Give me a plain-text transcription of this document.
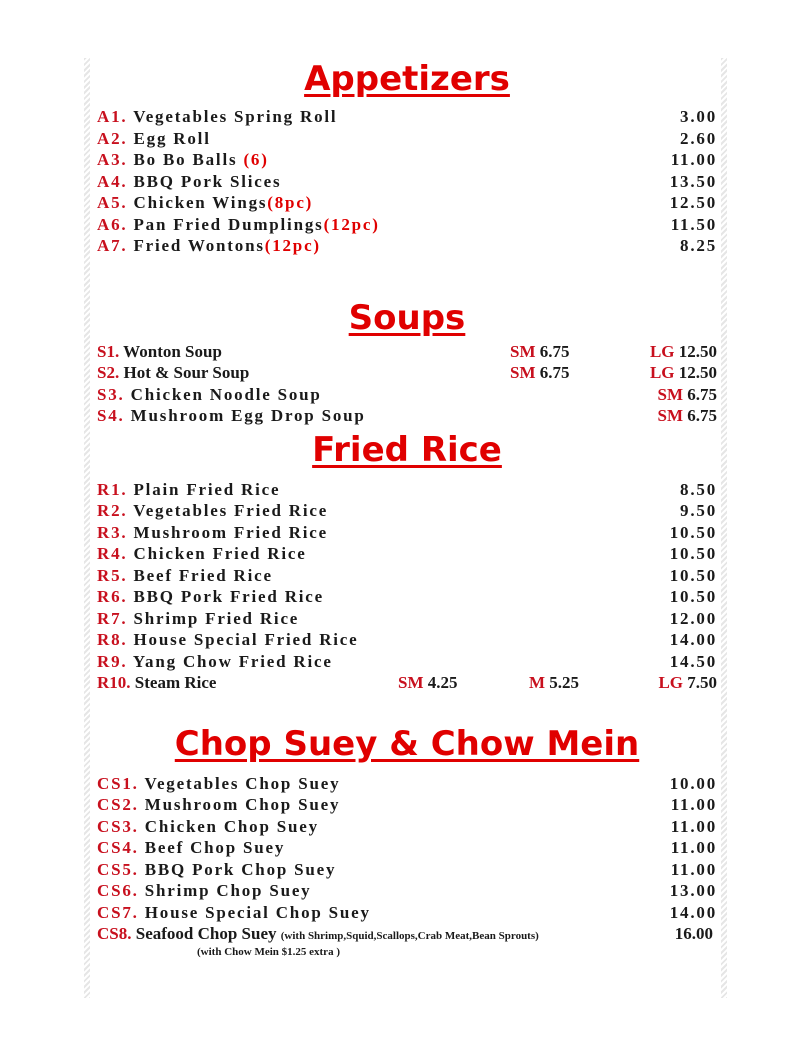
Appetizers
A1. Vegetables Spring Roll	3.00
A2. Egg Roll	2.60
A3. Bo Bo Balls (6)	11.00
A4. BBQ Pork Slices	13.50
A5. Chicken Wings(8pc)	12.50
A6. Pan Fried Dumplings(12pc)	11.50
A7. Fried Wontons(12pc)	8.25
Soups
S1. Wonton Soup	SM 6.75	LG 12.50
S2. Hot & Sour Soup	SM 6.75	LG 12.50
S3. Chicken Noodle Soup	SM 6.75
S4. Mushroom Egg Drop Soup	SM 6.75
Fried Rice
R1. Plain Fried Rice	8.50
R2. Vegetables Fried Rice	9.50
R3. Mushroom Fried Rice	10.50
R4. Chicken Fried Rice	10.50
R5. Beef Fried Rice	10.50
R6. BBQ Pork Fried Rice	10.50
R7. Shrimp Fried Rice	12.00
R8. House Special Fried Rice	14.00
R9. Yang Chow Fried Rice	14.50
R10. Steam Rice	SM 4.25	M 5.25	LG 7.50
Chop Suey & Chow Mein
CS1. Vegetables Chop Suey	10.00
CS2. Mushroom Chop Suey	11.00
CS3. Chicken Chop Suey	11.00
CS4. Beef Chop Suey	11.00
CS5. BBQ Pork Chop Suey	11.00
CS6. Shrimp Chop Suey	13.00
CS7. House Special Chop Suey	14.00
CS8. Seafood Chop Suey (with Shrimp,Squid,Scallops,Crab Meat,Bean Sprouts)	16.00
(with Chow Mein $1.25 extra )
